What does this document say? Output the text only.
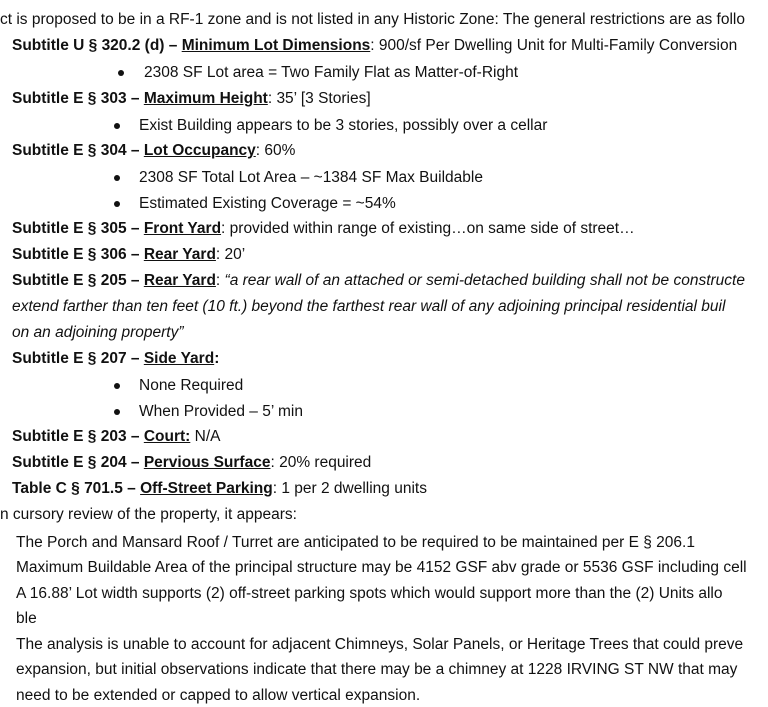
ct is proposed to be in a RF-1 zone and is not listed in any Historic Zone: The general restrictions are as follo
Subtitle U § 320.2 (d) – Minimum Lot Dimensions: 900/sf Per Dwelling Unit for Multi-Family Conversion
2308 SF Lot area = Two Family Flat as Matter-of-Right
Subtitle E § 303 – Maximum Height: 35’ [3 Stories]
Exist Building appears to be 3 stories, possibly over a cellar
Subtitle E § 304 – Lot Occupancy: 60%
2308 SF Total Lot Area – ~1384 SF Max Buildable
Estimated Existing Coverage = ~54%
Subtitle E § 305 – Front Yard: provided within range of existing…on same side of street…
Subtitle E § 306 – Rear Yard: 20’
Subtitle E § 205 – Rear Yard: “a rear wall of an attached or semi-detached building shall not be constructe
extend farther than ten feet (10 ft.) beyond the farthest rear wall of any adjoining principal residential buil
on an adjoining property”
Subtitle E § 207 – Side Yard:
None Required
When Provided – 5’ min
Subtitle E § 203 – Court: N/A
Subtitle E § 204 – Pervious Surface: 20% required
Table C § 701.5 – Off-Street Parking: 1 per 2 dwelling units
n cursory review of the property, it appears:
The Porch and Mansard Roof / Turret are anticipated to be required to be maintained per E § 206.1
Maximum Buildable Area of the principal structure may be 4152 GSF abv grade or 5536 GSF including cell
A 16.88’ Lot width supports (2) off-street parking spots which would support more than the (2) Units allo
ble
The analysis is unable to account for adjacent Chimneys, Solar Panels, or Heritage Trees that could preve
expansion, but initial observations indicate that there may be a chimney at 1228 IRVING ST NW that may
need to be extended or capped to allow vertical expansion.
